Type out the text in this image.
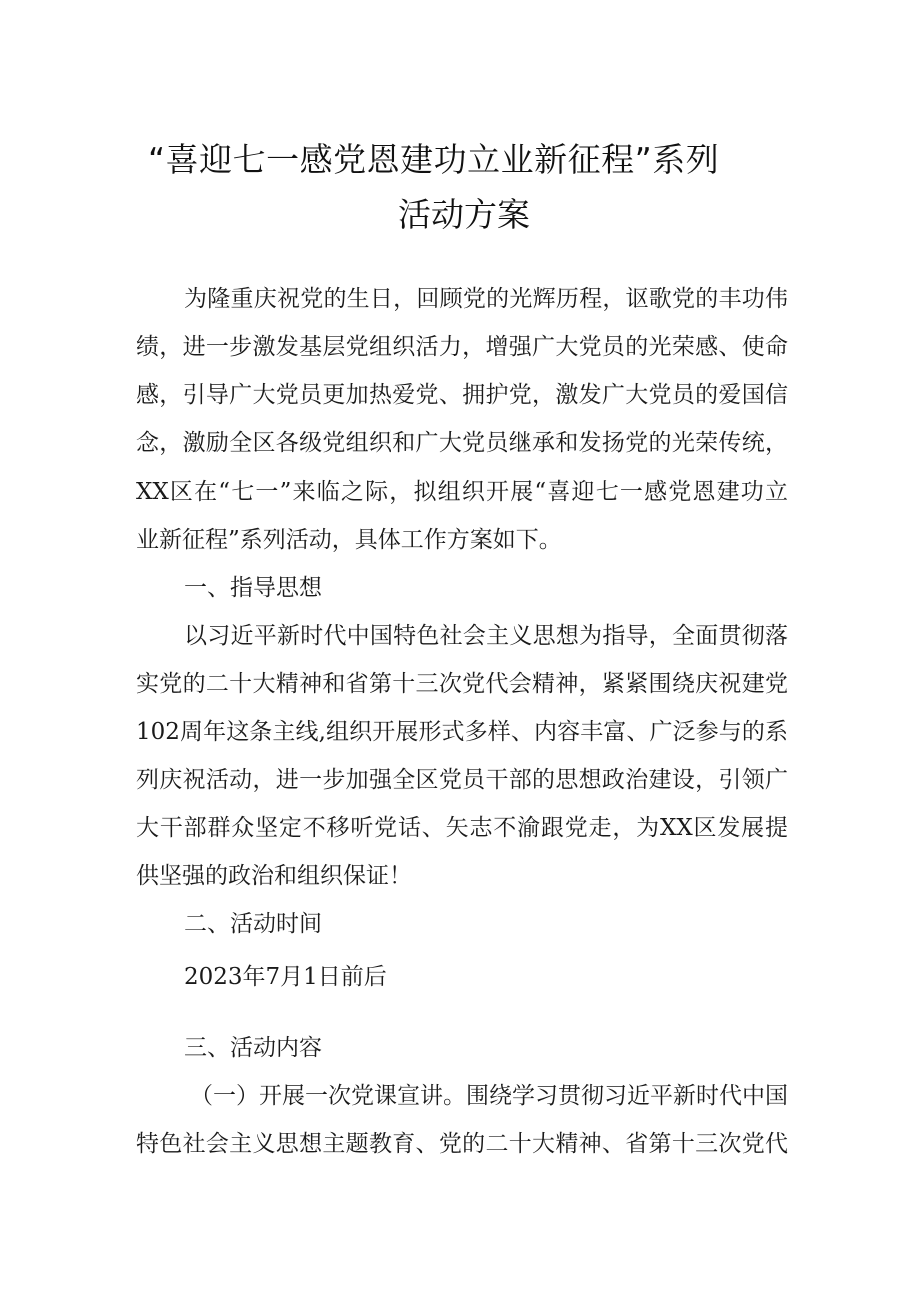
“喜迎七一感党恩建功立业新征程”系列
活动方案
为隆重庆祝党的生日，回顾党的光辉历程，讴歌党的丰功伟
绩，进一步激发基层党组织活力，增强广大党员的光荣感、使命
感，引导广大党员更加热爱党、拥护党，激发广大党员的爱国信
念，激励全区各级党组织和广大党员继承和发扬党的光荣传统，
XX区在“七一”来临之际，拟组织开展“喜迎七一感党恩建功立
业新征程”系列活动，具体工作方案如下。
一、指导思想
以习近平新时代中国特色社会主义思想为指导，全面贯彻落
实党的二十大精神和省第十三次党代会精神，紧紧围绕庆祝建党
102周年这条主线,组织开展形式多样、内容丰富、广泛参与的系
列庆祝活动，进一步加强全区党员干部的思想政治建设，引领广
大干部群众坚定不移听党话、矢志不渝跟党走，为XX区发展提
供坚强的政治和组织保证！
二、活动时间
2023年7月1日前后
三、活动内容
（一）开展一次党课宣讲。围绕学习贯彻习近平新时代中国
特色社会主义思想主题教育、党的二十大精神、省第十三次党代
